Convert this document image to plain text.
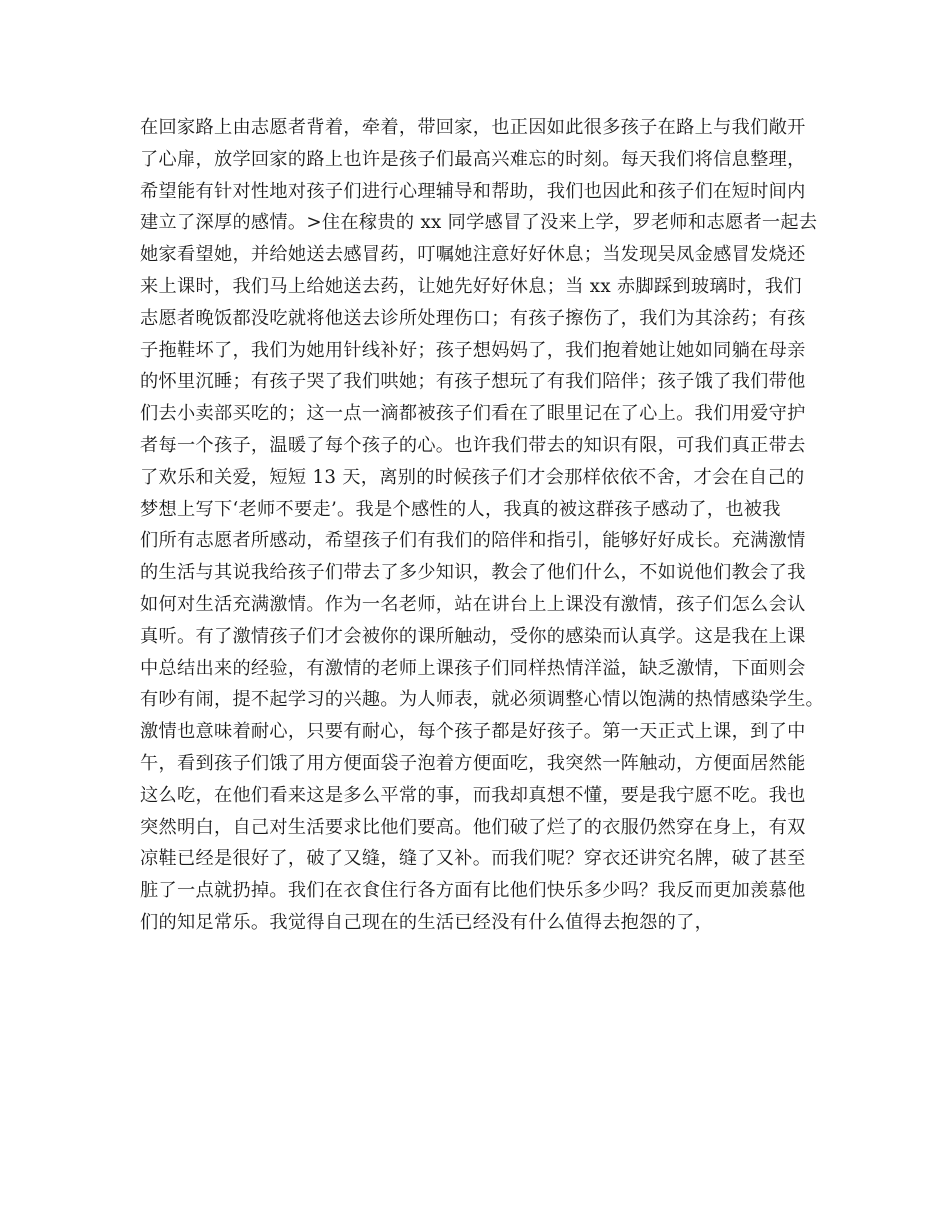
在回家路上由志愿者背着，牵着，带回家，也正因如此很多孩子在路上与我们敞开
了心扉，放学回家的路上也许是孩子们最高兴难忘的时刻。每天我们将信息整理，
希望能有针对性地对孩子们进行心理辅导和帮助，我们也因此和孩子们在短时间内
建立了深厚的感情。>住在稼贵的 xx 同学感冒了没来上学，罗老师和志愿者一起去
她家看望她，并给她送去感冒药，叮嘱她注意好好休息；当发现吴凤金感冒发烧还
来上课时，我们马上给她送去药，让她先好好休息；当 xx 赤脚踩到玻璃时，我们
志愿者晚饭都没吃就将他送去诊所处理伤口；有孩子擦伤了，我们为其涂药；有孩
子拖鞋坏了，我们为她用针线补好；孩子想妈妈了，我们抱着她让她如同躺在母亲
的怀里沉睡；有孩子哭了我们哄她；有孩子想玩了有我们陪伴；孩子饿了我们带他
们去小卖部买吃的；这一点一滴都被孩子们看在了眼里记在了心上。我们用爱守护
者每一个孩子，温暖了每个孩子的心。也许我们带去的知识有限，可我们真正带去
了欢乐和关爱，短短 13 天，离别的时候孩子们才会那样依依不舍，才会在自己的
梦想上写下‘老师不要走’。我是个感性的人，我真的被这群孩子感动了，也被我
们所有志愿者所感动，希望孩子们有我们的陪伴和指引，能够好好成长。充满激情
的生活与其说我给孩子们带去了多少知识，教会了他们什么，不如说他们教会了我
如何对生活充满激情。作为一名老师，站在讲台上上课没有激情，孩子们怎么会认
真听。有了激情孩子们才会被你的课所触动，受你的感染而认真学。这是我在上课
中总结出来的经验，有激情的老师上课孩子们同样热情洋溢，缺乏激情，下面则会
有吵有闹，提不起学习的兴趣。为人师表，就必须调整心情以饱满的热情感染学生。
激情也意味着耐心，只要有耐心，每个孩子都是好孩子。第一天正式上课，到了中
午，看到孩子们饿了用方便面袋子泡着方便面吃，我突然一阵触动，方便面居然能
这么吃，在他们看来这是多么平常的事，而我却真想不懂，要是我宁愿不吃。我也
突然明白，自己对生活要求比他们要高。他们破了烂了的衣服仍然穿在身上，有双
凉鞋已经是很好了，破了又缝，缝了又补。而我们呢？穿衣还讲究名牌，破了甚至
脏了一点就扔掉。我们在衣食住行各方面有比他们快乐多少吗？我反而更加羡慕他
们的知足常乐。我觉得自己现在的生活已经没有什么值得去抱怨的了，
